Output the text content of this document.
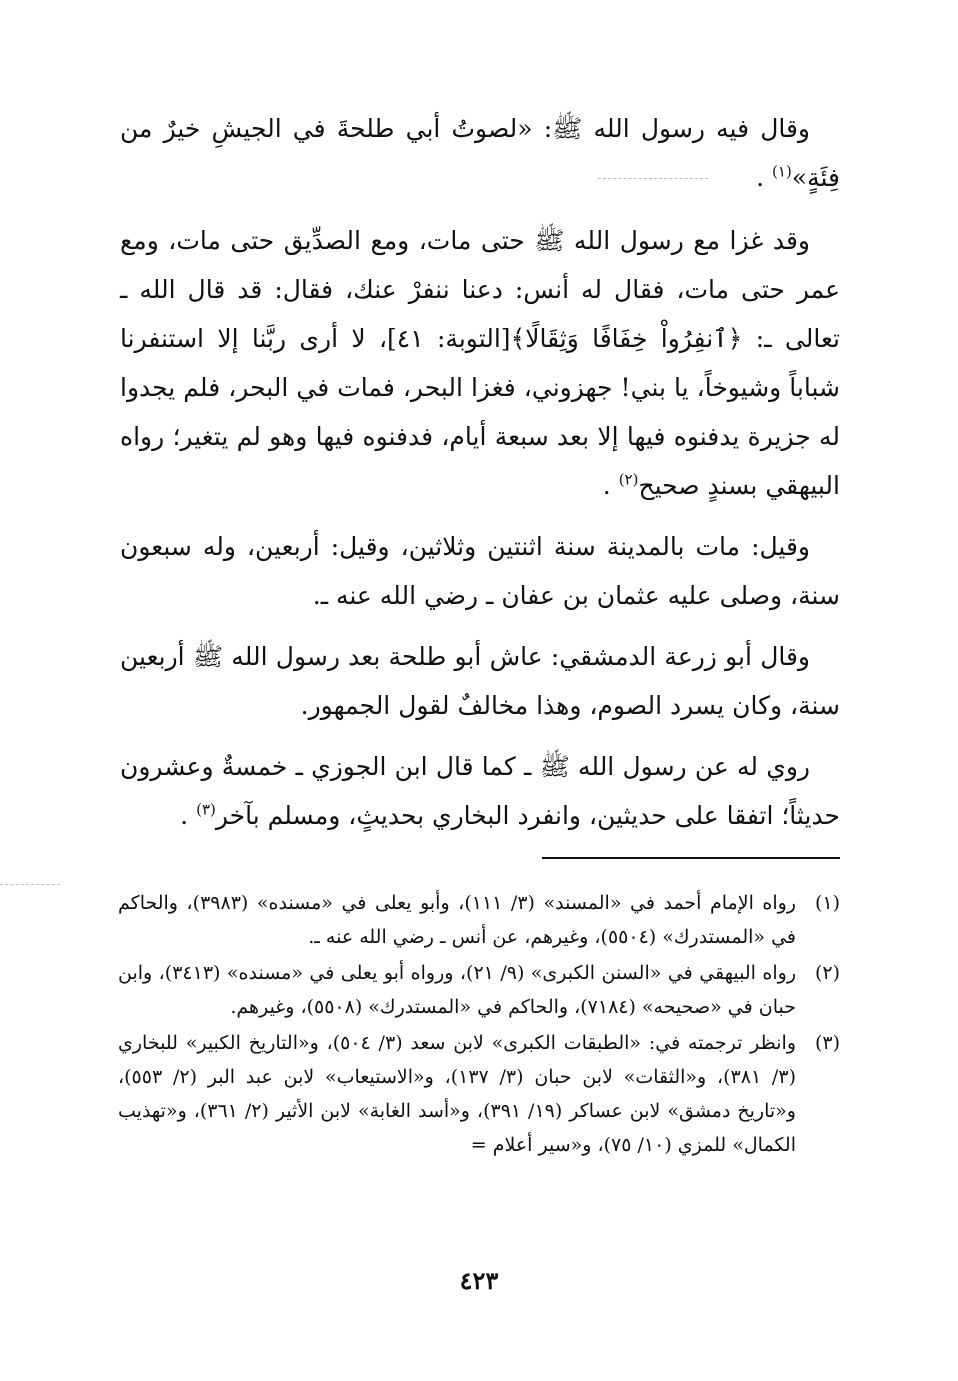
وقال فيه رسول الله ﷺ: «لصوتُ أبي طلحةَ في الجيشِ خيرٌ من فِئَةٍ»$^{(١)}$ .

وقد غزا مع رسول الله ﷺ حتى مات، ومع الصدِّيق حتى مات، ومع عمر حتى مات، فقال له أنس: دعنا ننفرْ عنك، فقال: قد قال الله ـ تعالى ـ: ﴿ٱنفِرُواْ خِفَافًا وَثِقَالًا﴾[التوبة: ٤١]، لا أرى ربَّنا إلا استنفرنا شباباً وشيوخاً، يا بني! جهزوني، فغزا البحر، فمات في البحر، فلم يجدوا له جزيرة يدفنوه فيها إلا بعد سبعة أيام، فدفنوه فيها وهو لم يتغير؛ رواه البيهقي بسندٍ صحيح$^{(٢)}$ .

وقيل: مات بالمدينة سنة اثنتين وثلاثين، وقيل: أربعين، وله سبعون سنة، وصلى عليه عثمان بن عفان ـ رضي الله عنه ـ.

وقال أبو زرعة الدمشقي: عاش أبو طلحة بعد رسول الله ﷺ أربعين سنة، وكان يسرد الصوم، وهذا مخالفٌ لقول الجمهور.

روي له عن رسول الله ﷺ ـ كما قال ابن الجوزي ـ خمسةٌ وعشرون حديثاً؛ اتفقا على حديثين، وانفرد البخاري بحديثٍ، ومسلم بآخر$^{(٣)}$ .

(١)
رواه الإمام أحمد في «المسند» (٣/ ١١١)، وأبو يعلى في «مسنده» (٣٩٨٣)، والحاكم في «المستدرك» (٥٥٠٤)، وغيرهم، عن أنس ـ رضي الله عنه ـ.
(٢)
رواه البيهقي في «السنن الكبرى» (٩/ ٢١)، ورواه أبو يعلى في «مسنده» (٣٤١٣)، وابن حبان في «صحيحه» (٧١٨٤)، والحاكم في «المستدرك» (٥٥٠٨)، وغيرهم.
(٣)
وانظر ترجمته في: «الطبقات الكبرى» لابن سعد (٣/ ٥٠٤)، و«التاريخ الكبير» للبخاري (٣/ ٣٨١)، و«الثقات» لابن حبان (٣/ ١٣٧)، و«الاستيعاب» لابن عبد البر (٢/ ٥٥٣)، و«تاريخ دمشق» لابن عساكر (١٩/ ٣٩١)، و«أسد الغابة» لابن الأثير (٢/ ٣٦١)، و«تهذيب الكمال» للمزي (١٠/ ٧٥)، و«سير أعلام =
٤٢٣
